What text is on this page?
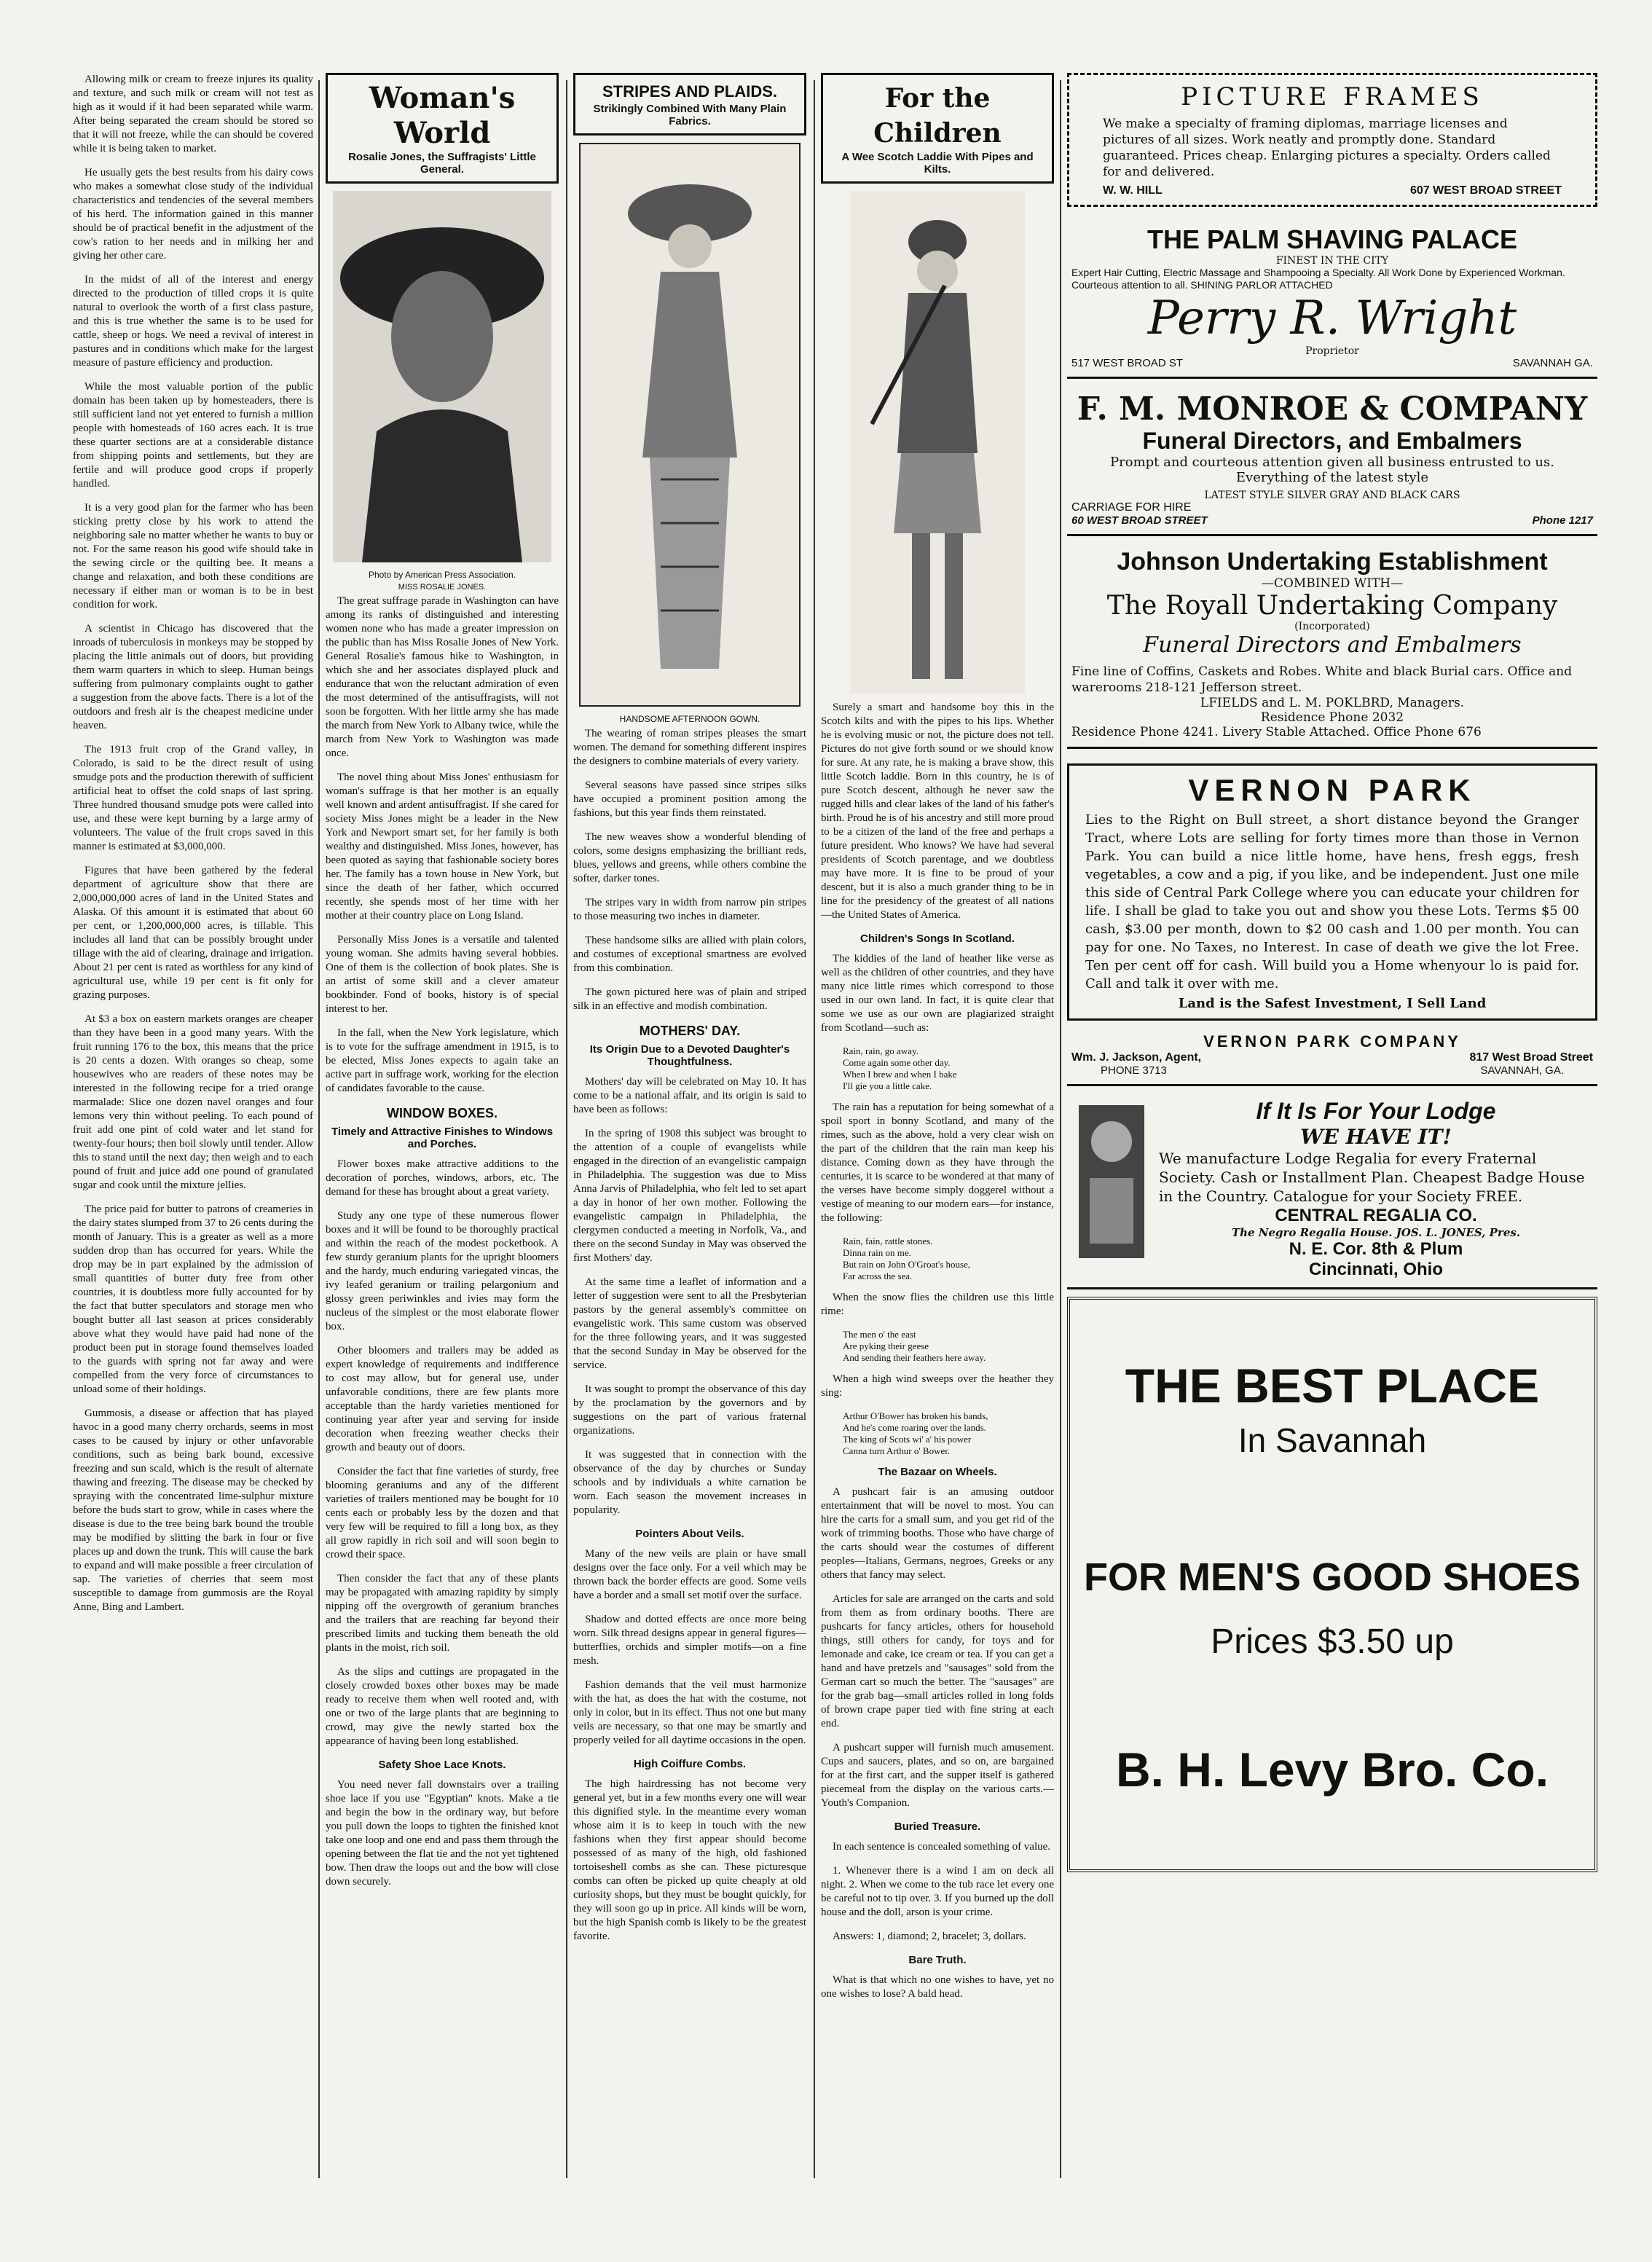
Allowing milk or cream to freeze injures its quality and texture, and such milk or cream will not test as high as it would if it had been separated while warm. After being separated the cream should be stored so that it will not freeze, while the can should be covered while it is being taken to market.

He usually gets the best results from his dairy cows who makes a somewhat close study of the individual characteristics and tendencies of the several members of his herd. The information gained in this manner should be of practical benefit in the adjustment of the cow's ration to her needs and in milking her and giving her other care.

In the midst of all of the interest and energy directed to the production of tilled crops it is quite natural to overlook the worth of a first class pasture, and this is true whether the same is to be used for cattle, sheep or hogs. We need a revival of interest in pastures and in conditions which make for the largest measure of pasture efficiency and production.

While the most valuable portion of the public domain has been taken up by homesteaders, there is still sufficient land not yet entered to furnish a million people with homesteads of 160 acres each. It is true these quarter sections are at a considerable distance from shipping points and settlements, but they are fertile and will produce good crops if properly handled.

It is a very good plan for the farmer who has been sticking pretty close by his work to attend the neighboring sale no matter whether he wants to buy or not. For the same reason his good wife should take in the sewing circle or the quilting bee. It means a change and relaxation, and both these conditions are necessary if either man or woman is to be in best condition for work.

A scientist in Chicago has discovered that the inroads of tuberculosis in monkeys may be stopped by placing the little animals out of doors, but providing them warm quarters in which to sleep. Human beings suffering from pulmonary complaints ought to gather a suggestion from the above facts. There is a lot of the outdoors and fresh air is the cheapest medicine under heaven.

The 1913 fruit crop of the Grand valley, in Colorado, is said to be the direct result of using smudge pots and the production therewith of sufficient artificial heat to offset the cold snaps of last spring. Three hundred thousand smudge pots were called into use, and these were kept burning by a large army of volunteers. The value of the fruit crops saved in this manner is estimated at $3,000,000.

Figures that have been gathered by the federal department of agriculture show that there are 2,000,000,000 acres of land in the United States and Alaska. Of this amount it is estimated that about 60 per cent, or 1,200,000,000 acres, is tillable. This includes all land that can be possibly brought under tillage with the aid of clearing, drainage and irrigation. About 21 per cent is rated as worthless for any kind of agricultural use, while 19 per cent is fit only for grazing purposes.

At $3 a box on eastern markets oranges are cheaper than they have been in a good many years. With the fruit running 176 to the box, this means that the price is 20 cents a dozen. With oranges so cheap, some housewives who are readers of these notes may be interested in the following recipe for a tried orange marmalade: Slice one dozen navel oranges and four lemons very thin without peeling. To each pound of fruit add one pint of cold water and let stand for twenty-four hours; then boil slowly until tender. Allow this to stand until the next day; then weigh and to each pound of fruit and juice add one pound of granulated sugar and cook until the mixture jellies.

The price paid for butter to patrons of creameries in the dairy states slumped from 37 to 26 cents during the month of January. This is a greater as well as a more sudden drop than has occurred for years. While the drop may be in part explained by the admission of small quantities of butter duty free from other countries, it is doubtless more fully accounted for by the fact that butter speculators and storage men who bought butter all last season at prices considerably above what they would have paid had none of the product been put in storage found themselves loaded to the guards with spring not far away and were compelled from the very force of circumstances to unload some of their holdings.

Gummosis, a disease or affection that has played havoc in a good many cherry orchards, seems in most cases to be caused by injury or other unfavorable conditions, such as being bark bound, excessive freezing and sun scald, which is the result of alternate thawing and freezing. The disease may be checked by spraying with the concentrated lime-sulphur mixture before the buds start to grow, while in cases where the disease is due to the tree being bark bound the trouble may be modified by slitting the bark in four or five places up and down the trunk. This will cause the bark to expand and will make possible a freer circulation of sap. The varieties of cherries that seem most susceptible to damage from gummosis are the Royal Anne, Bing and Lambert.

Woman's World
Rosalie Jones, the Suffragists' Little General.
Photo by American Press Association.
MISS ROSALIE JONES.

The great suffrage parade in Washington can have among its ranks of distinguished and interesting women none who has made a greater impression on the public than has Miss Rosalie Jones of New York. General Rosalie's famous hike to Washington, in which she and her associates displayed pluck and endurance that won the reluctant admiration of even the most determined of the antisuffragists, will not soon be forgotten. With her little army she has made the march from New York to Albany twice, while the march from New York to Washington was made once.

The novel thing about Miss Jones' enthusiasm for woman's suffrage is that her mother is an equally well known and ardent antisuffragist. If she cared for society Miss Jones might be a leader in the New York and Newport smart set, for her family is both wealthy and distinguished. Miss Jones, however, has been quoted as saying that fashionable society bores her. The family has a town house in New York, but since the death of her father, which occurred recently, she spends most of her time with her mother at their country place on Long Island.

Personally Miss Jones is a versatile and talented young woman. She admits having several hobbies. One of them is the collection of book plates. She is an artist of some skill and a clever amateur bookbinder. Fond of books, history is of special interest to her.

In the fall, when the New York legislature, which is to vote for the suffrage amendment in 1915, is to be elected, Miss Jones expects to again take an active part in suffrage work, working for the election of candidates favorable to the cause.

WINDOW BOXES.
Timely and Attractive Finishes to Windows and Porches.

Flower boxes make attractive additions to the decoration of porches, windows, arbors, etc. The demand for these has brought about a great variety.

Study any one type of these numerous flower boxes and it will be found to be thoroughly practical and within the reach of the modest pocketbook. A few sturdy geranium plants for the upright bloomers and the hardy, much enduring variegated vincas, the ivy leafed geranium or trailing pelargonium and glossy green periwinkles and ivies may form the nucleus of the simplest or the most elaborate flower box.

Other bloomers and trailers may be added as expert knowledge of requirements and indifference to cost may allow, but for general use, under unfavorable conditions, there are few plants more acceptable than the hardy varieties mentioned for continuing year after year and serving for inside decoration when freezing weather checks their growth and beauty out of doors.

Consider the fact that fine varieties of sturdy, free blooming geraniums and any of the different varieties of trailers mentioned may be bought for 10 cents each or probably less by the dozen and that very few will be required to fill a long box, as they all grow rapidly in rich soil and will soon begin to crowd their space.

Then consider the fact that any of these plants may be propagated with amazing rapidity by simply nipping off the overgrowth of geranium branches and the trailers that are reaching far beyond their prescribed limits and tucking them beneath the old plants in the moist, rich soil.

As the slips and cuttings are propagated in the closely crowded boxes other boxes may be made ready to receive them when well rooted and, with one or two of the large plants that are beginning to crowd, may give the newly started box the appearance of having been long established.

Safety Shoe Lace Knots.

You need never fall downstairs over a trailing shoe lace if you use "Egyptian" knots. Make a tie and begin the bow in the ordinary way, but before you pull down the loops to tighten the finished knot take one loop and one end and pass them through the opening between the flat tie and the not yet tightened bow. Then draw the loops out and the bow will close down securely.

STRIPES AND PLAIDS.
Strikingly Combined With Many Plain Fabrics.
HANDSOME AFTERNOON GOWN.

The wearing of roman stripes pleases the smart women. The demand for something different inspires the designers to combine materials of every variety.

Several seasons have passed since stripes silks have occupied a prominent position among the fashions, but this year finds them reinstated.

The new weaves show a wonderful blending of colors, some designs emphasizing the brilliant reds, blues, yellows and greens, while others combine the softer, darker tones.

The stripes vary in width from narrow pin stripes to those measuring two inches in diameter.

These handsome silks are allied with plain colors, and costumes of exceptional smartness are evolved from this combination.

The gown pictured here was of plain and striped silk in an effective and modish combination.

MOTHERS' DAY.
Its Origin Due to a Devoted Daughter's Thoughtfulness.

Mothers' day will be celebrated on May 10. It has come to be a national affair, and its origin is said to have been as follows:

In the spring of 1908 this subject was brought to the attention of a couple of evangelists while engaged in the direction of an evangelistic campaign in Philadelphia. The suggestion was due to Miss Anna Jarvis of Philadelphia, who felt led to set apart a day in honor of her own mother. Following the evangelistic campaign in Philadelphia, the clergymen conducted a meeting in Norfolk, Va., and there on the second Sunday in May was observed the first Mothers' day.

At the same time a leaflet of information and a letter of suggestion were sent to all the Presbyterian pastors by the general assembly's committee on evangelistic work. This same custom was observed for the three following years, and it was suggested that the second Sunday in May be observed for the service.

It was sought to prompt the observance of this day by the proclamation by the governors and by suggestions on the part of various fraternal organizations.

It was suggested that in connection with the observance of the day by churches or Sunday schools and by individuals a white carnation be worn. Each season the movement increases in popularity.

Pointers About Veils.

Many of the new veils are plain or have small designs over the face only. For a veil which may be thrown back the border effects are good. Some veils have a border and a small set motif over the surface.

Shadow and dotted effects are once more being worn. Silk thread designs appear in general figures—butterflies, orchids and simpler motifs—on a fine mesh.

Fashion demands that the veil must harmonize with the hat, as does the hat with the costume, not only in color, but in its effect. Thus not one but many veils are necessary, so that one may be smartly and properly veiled for all daytime occasions in the open.

High Coiffure Combs.

The high hairdressing has not become very general yet, but in a few months every one will wear this dignified style. In the meantime every woman whose aim it is to keep in touch with the new fashions when they first appear should become possessed of as many of the high, old fashioned tortoiseshell combs as she can. These picturesque combs can often be picked up quite cheaply at old curiosity shops, but they must be bought quickly, for they will soon go up in price. All kinds will be worn, but the high Spanish comb is likely to be the greatest favorite.

For the Children
A Wee Scotch Laddie With Pipes and Kilts.

Surely a smart and handsome boy this in the Scotch kilts and with the pipes to his lips. Whether he is evolving music or not, the picture does not tell. Pictures do not give forth sound or we should know for sure. At any rate, he is making a brave show, this little Scotch laddie. Born in this country, he is of pure Scotch descent, although he never saw the rugged hills and clear lakes of the land of his father's birth. Proud he is of his ancestry and still more proud to be a citizen of the land of the free and perhaps a future president. Who knows? We have had several presidents of Scotch parentage, and we doubtless may have more. It is fine to be proud of your descent, but it is also a much grander thing to be in line for the presidency of the greatest of all nations—the United States of America.

Children's Songs In Scotland.

The kiddies of the land of heather like verse as well as the children of other countries, and they have many nice little rimes which correspond to those used in our own land. In fact, it is quite clear that some we use as our own are plagiarized straight from Scotland—such as:

Rain, rain, go away.
Come again some other day.
When I brew and when I bake
I'll gie you a little cake.

The rain has a reputation for being somewhat of a spoil sport in bonny Scotland, and many of the rimes, such as the above, hold a very clear wish on the part of the children that the rain man keep his distance. Coming down as they have through the centuries, it is scarce to be wondered at that many of the verses have become simply doggerel without a vestige of meaning to our modern ears—for instance, the following:

Rain, fain, rattle stones.
Dinna rain on me.
But rain on John O'Groat's house,
Far across the sea.

When the snow flies the children use this little rime:

The men o' the east
Are pyking their geese
And sending their feathers here away.

When a high wind sweeps over the heather they sing:

Arthur O'Bower has broken his bands,
And he's come roaring over the lands.
The king of Scots wi' a' his power
Canna turn Arthur o' Bower.
The Bazaar on Wheels.

A pushcart fair is an amusing outdoor entertainment that will be novel to most. You can hire the carts for a small sum, and you get rid of the work of trimming booths. Those who have charge of the carts should wear the costumes of different peoples—Italians, Germans, negroes, Greeks or any others that fancy may select.

Articles for sale are arranged on the carts and sold from them as from ordinary booths. There are pushcarts for fancy articles, others for household things, still others for candy, for toys and for lemonade and cake, ice cream or tea. If you can get a hand and have pretzels and "sausages" sold from the German cart so much the better. The "sausages" are for the grab bag—small articles rolled in long folds of brown crape paper tied with fine string at each end.

A pushcart supper will furnish much amusement. Cups and saucers, plates, and so on, are bargained for at the first cart, and the supper itself is gathered piecemeal from the display on the various carts.—Youth's Companion.

Buried Treasure.

In each sentence is concealed something of value.

1. Whenever there is a wind I am on deck all night. 2. When we come to the tub race let every one be careful not to tip over. 3. If you burned up the doll house and the doll, arson is your crime.

Answers: 1, diamond; 2, bracelet; 3, dollars.

Bare Truth.

What is that which no one wishes to have, yet no one wishes to lose? A bald head.

PICTURE FRAMES
We make a specialty of framing diplomas, marriage licenses and pictures of all sizes. Work neatly and promptly done. Standard guaranteed. Prices cheap. Enlarging pictures a specialty. Orders called for and delivered.
W. W. HILL	607 WEST BROAD STREET
THE PALM SHAVING PALACE
FINEST IN THE CITY
Expert Hair Cutting, Electric Massage and Shampooing a Specialty. All Work Done by Experienced Workman. Courteous attention to all. SHINING PARLOR ATTACHED
Perry R. Wright
Proprietor
517 WEST BROAD ST	SAVANNAH GA.
F. M. MONROE & COMPANY
Funeral Directors, and Embalmers
Prompt and courteous attention given all business entrusted to us. Everything of the latest style
LATEST STYLE SILVER GRAY AND BLACK CARS
CARRIAGE FOR HIRE
60 WEST BROAD STREET	Phone 1217
Johnson Undertaking Establishment
—COMBINED WITH—
The Royall Undertaking Company
(Incorporated)
Funeral Directors and Embalmers
Fine line of Coffins, Caskets and Robes. White and black Burial cars. Office and warerooms 218-121 Jefferson street.
LFIELDS and L. M. POKLBRD, Managers.
Residence Phone 2032
Residence Phone 4241. Livery Stable Attached. Office Phone 676
VERNON PARK
Lies to the Right on Bull street, a short distance beyond the Granger Tract, where Lots are selling for forty times more than those in Vernon Park. You can build a nice little home, have hens, fresh eggs, fresh vegetables, a cow and a pig, if you like, and be independent. Just one mile this side of Central Park College where you can educate your children for life. I shall be glad to take you out and show you these Lots. Terms $5 00 cash, $3.00 per month, down to $2 00 cash and 1.00 per month. You can pay for one. No Taxes, no Interest. In case of death we give the lot Free. Ten per cent off for cash. Will build you a Home whenyour lo is paid for. Call and talk it over with me.
Land is the Safest Investment, I Sell Land
VERNON PARK COMPANY
Wm. J. Jackson, Agent,	817 West Broad Street
PHONE 3713	SAVANNAH, GA.
If It Is For Your Lodge
WE HAVE IT!
We manufacture Lodge Regalia for every Fraternal Society. Cash or Installment Plan. Cheapest Badge House in the Country. Catalogue for your Society FREE.
CENTRAL REGALIA CO.
The Negro Regalia House. JOS. L. JONES, Pres.
N. E. Cor. 8th & Plum
Cincinnati, Ohio
THE BEST PLACE
In Savannah
FOR MEN'S GOOD SHOES
Prices $3.50 up
B. H. Levy Bro. Co.
